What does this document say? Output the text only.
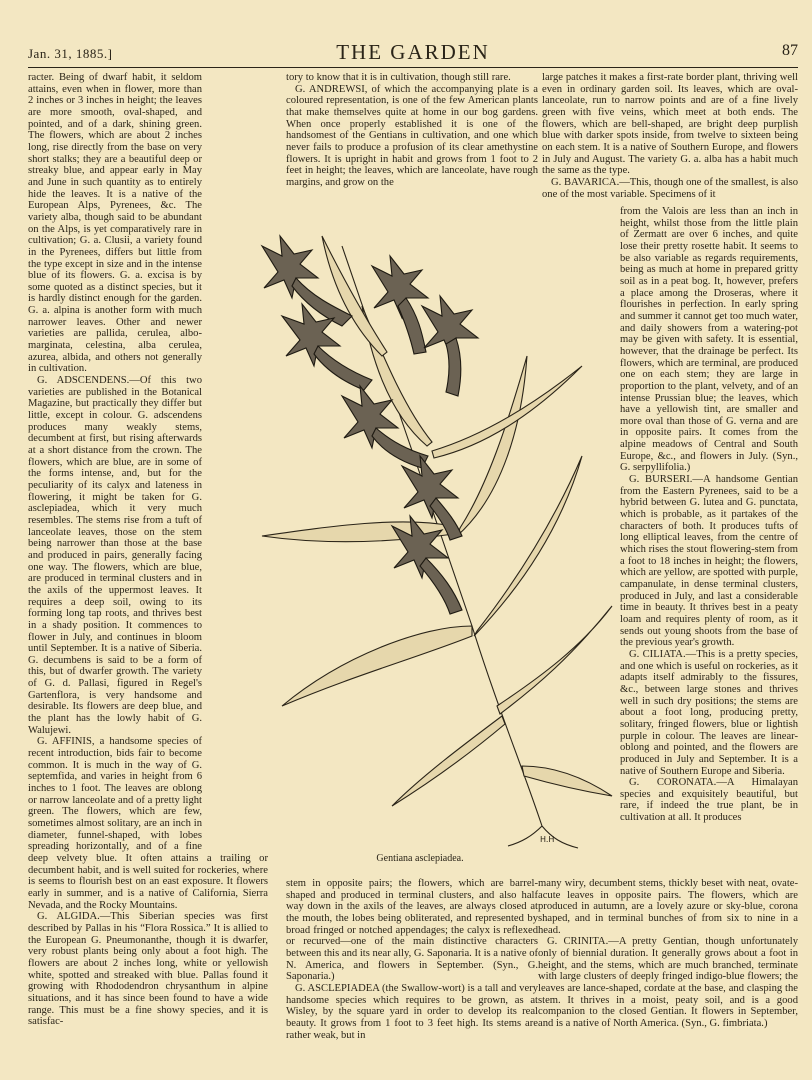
Jan. 31, 1885.]	THE GARDEN	87

racter. Being of dwarf habit, it seldom attains, even when in flower, more than 2 inches or 3 inches in height; the leaves are more smooth, oval-shaped, and pointed, and of a dark, shining green. The flowers, which are about 2 inches long, rise directly from the base on very short stalks; they are a beautiful deep or streaky blue, and appear early in May and June in such quantity as to entirely hide the leaves. It is a native of the European Alps, Pyrenees, &c. The variety alba, though said to be abundant on the Alps, is yet comparatively rare in cultivation; G. a. Clusii, a variety found in the Pyrenees, differs but little from the type except in size and in the intense blue of its flowers. G. a. excisa is by some quoted as a distinct species, but it is hardly distinct enough for the garden. G. a. alpina is another form with much narrower leaves. Other and newer varieties are pallida, cerulea, albo-marginata, celestina, alba cerulea, azurea, albida, and others not generally in cultivation.

G. ADSCENDENS.—Of this two varieties are published in the Botanical Magazine, but practically they differ but little, except in colour. G. adscendens produces many weakly stems, decumbent at first, but rising afterwards at a short distance from the crown. The flowers, which are blue, are in some of the forms intense, and, but for the peculiarity of its calyx and lateness in flowering, it might be taken for G. asclepiadea, which it very much resembles. The stems rise from a tuft of lanceolate leaves, those on the stem being narrower than those at the base and produced in pairs, generally facing one way. The flowers, which are blue, are produced in terminal clusters and in the axils of the uppermost leaves. It requires a deep soil, owing to its forming long tap roots, and thrives best in a shady position. It commences to flower in July, and continues in bloom until September. It is a native of Siberia. G. decumbens is said to be a form of this, but of dwarfer growth. The variety of G. d. Pallasi, figured in Regel's Gartenflora, is very handsome and desirable. Its flowers are deep blue, and the plant has the lowly habit of G. Walujewi.

G. AFFINIS, a handsome species of recent introduction, bids fair to become common. It is much in the way of G. septemfida, and varies in height from 6 inches to 1 foot. The leaves are oblong or narrow lanceolate and of a pretty light green. The flowers, which are few, sometimes almost solitary, are an inch in diameter, funnel-shaped, with lobes spreading horizontally, and of a fine deep velvety blue. It often attains a trailing or decumbent habit, and is well suited for rockeries, where is seems to flourish best on an east exposure. It flowers early in summer, and is a native of California, Sierra Nevada, and the Rocky Mountains.

G. ALGIDA.—This Siberian species was first described by Pallas in his “Flora Rossica.” It is allied to the European G. Pneumonanthe, though it is dwarfer, very robust plants being only about a foot high. The flowers are about 2 inches long, white or yellowish white, spotted and streaked with blue. Pallas found it growing with Rhododendron chrysanthum in alpine situations, and it has since been found to have a wide range. This must be a fine showy species, and it is satisfac-

tory to know that it is in cultivation, though still rare.

G. ANDREWSI, of which the accompanying plate is a coloured representation, is one of the few American plants that make themselves quite at home in our bog gardens. When once properly established it is one of the handsomest of the Gentians in cultivation, and one which never fails to produce a profusion of its clear amethystine flowers. It is upright in habit and grows from 1 foot to 2 feet in height; the leaves, which are lanceolate, have rough margins, and grow on the

large patches it makes a first-rate border plant, thriving well even in ordinary garden soil. Its leaves, which are oval-lanceolate, run to narrow points and are of a fine lively green with five veins, which meet at both ends. The flowers, which are bell-shaped, are bright deep purplish blue with darker spots inside, from twelve to sixteen being on each stem. It is a native of Southern Europe, and flowers in July and August. The variety G. a. alba has a habit much the same as the type.

G. BAVARICA.—This, though one of the smallest, is also one of the most variable. Specimens of it

from the Valois are less than an inch in height, whilst those from the little plain of Zermatt are over 6 inches, and quite lose their pretty rosette habit. It seems to be also variable as regards requirements, being as much at home in prepared gritty soil as in a peat bog. It, however, prefers a place among the Droseras, where it flourishes in perfection. In early spring and summer it cannot get too much water, and daily showers from a watering-pot may be given with safety. It is essential, however, that the drainage be perfect. Its flowers, which are terminal, are produced one on each stem; they are large in proportion to the plant, velvety, and of an intense Prussian blue; the leaves, which have a yellowish tint, are smaller and more oval than those of G. verna and are in opposite pairs. It comes from the alpine meadows of Central and South Europe, &c., and flowers in July. (Syn., G. serpyllifolia.)

G. BURSERI.—A handsome Gentian from the Eastern Pyrenees, said to be a hybrid between G. lutea and G. punctata, which is probable, as it partakes of the characters of both. It produces tufts of long elliptical leaves, from the centre of which rises the stout flowering-stem from a foot to 18 inches in height; the flowers, which are yellow, are spotted with purple, campanulate, in dense terminal clusters, produced in July, and last a considerable time in beauty. It thrives best in a peaty loam and requires plenty of room, as it sends out young shoots from the base of the previous year's growth.

G. CILIATA.—This is a pretty species, and one which is useful on rockeries, as it adapts itself admirably to the fissures, &c., between large stones and thrives well in such dry positions; the stems are about a foot long, producing pretty, solitary, fringed flowers, blue or lightish purple in colour. The leaves are linear-oblong and pointed, and the flowers are produced in July and September. It is a native of Southern Europe and Siberia.

G. CORONATA.—A Himalayan species and exquisitely beautiful, but rare, if indeed the true plant, be in cultivation at all. It produces

H.H
Gentiana asclepiadea.

stem in opposite pairs; the flowers, which are barrel-shaped and produced in terminal clusters, and also half way down in the axils of the leaves, are always closed at the mouth, the lobes being obliterated, and represented by broad fringed or notched appendages; the calyx is reflexed or recurved—one of the main distinctive characters between this and its near ally, G. Saponaria. It is a native of N. America, and flowers in September. (Syn., G. Saponaria.)

G. ASCLEPIADEA (the Swallow-wort) is a tall and very handsome species which requires to be grown, as at Wisley, by the square yard in order to develop its real beauty. It grows from 1 foot to 3 feet high. Its stems are rather weak, but in

many wiry, decumbent stems, thickly beset with neat, ovate-acute leaves in opposite pairs. The flowers, which are produced in autumn, are a lovely azure or sky-blue, corona shaped, and in terminal bunches of from six to nine in a head.

G. CRINITA.—A pretty Gentian, though unfortunately only of biennial duration. It generally grows about a foot in height, and the stems, which are much branched, terminate with large clusters of deeply fringed indigo-blue flowers; the leaves are lance-shaped, cordate at the base, and clasping the stem. It thrives in a moist, peaty soil, and is a good companion to the closed Gentian. It flowers in September, and is a native of North America. (Syn., G. fimbriata.)
